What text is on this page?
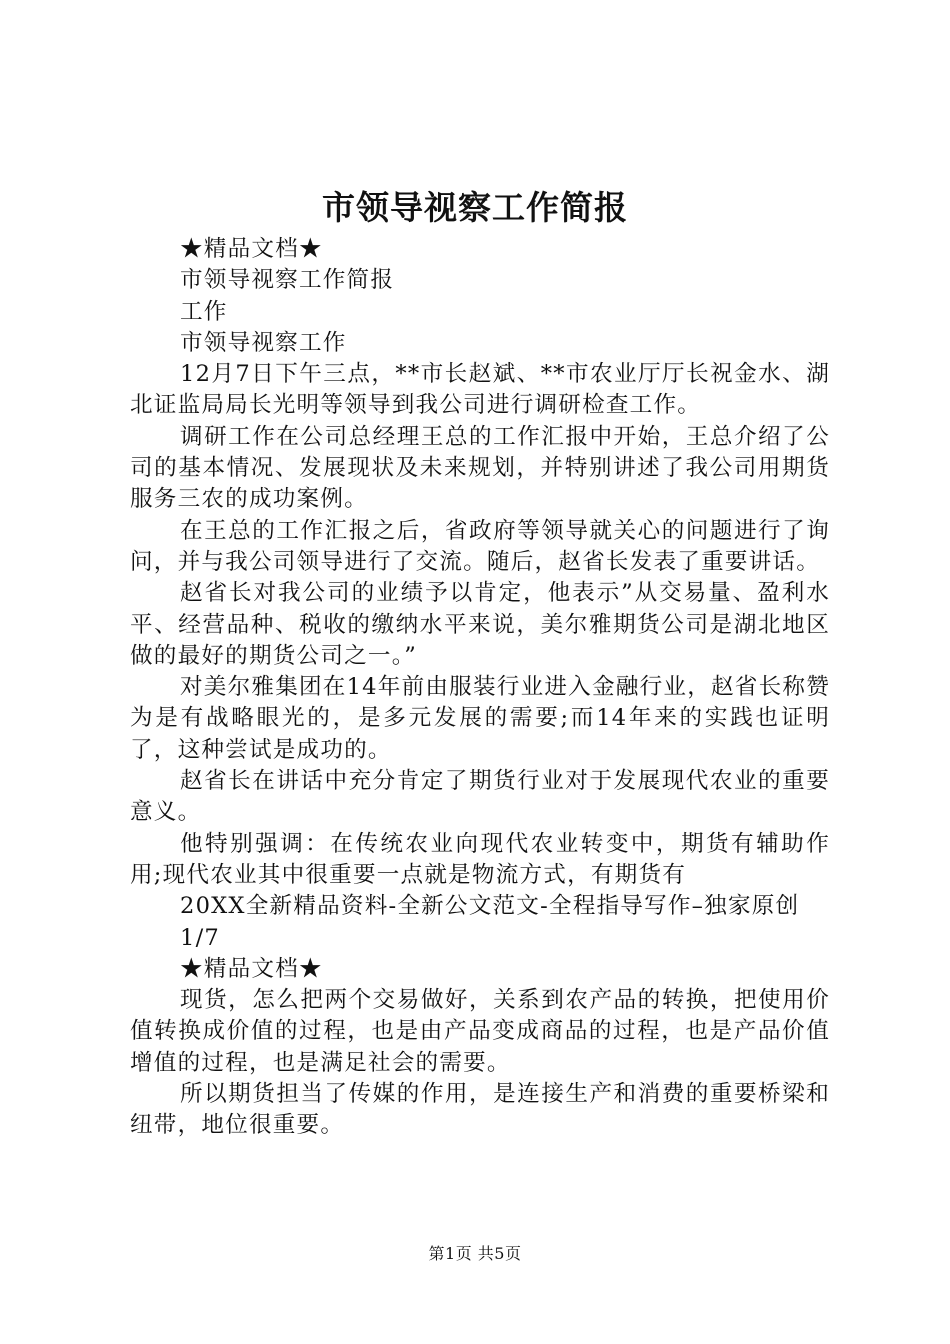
市领导视察工作简报

★精品文档★

市领导视察工作简报

工作

市领导视察工作

12月7日下午三点，**市长赵斌、**市农业厅厅长祝金水、湖北证监局局长光明等领导到我公司进行调研检查工作。

调研工作在公司总经理王总的工作汇报中开始，王总介绍了公司的基本情况、发展现状及未来规划，并特别讲述了我公司用期货服务三农的成功案例。

在王总的工作汇报之后，省政府等领导就关心的问题进行了询问，并与我公司领导进行了交流。随后，赵省长发表了重要讲话。

赵省长对我公司的业绩予以肯定，他表示”从交易量、盈利水平、经营品种、税收的缴纳水平来说，美尔雅期货公司是湖北地区做的最好的期货公司之一。”

对美尔雅集团在14年前由服装行业进入金融行业，赵省长称赞为是有战略眼光的，是多元发展的需要;而14年来的实践也证明了，这种尝试是成功的。

赵省长在讲话中充分肯定了期货行业对于发展现代农业的重要意义。

他特别强调：在传统农业向现代农业转变中，期货有辅助作用;现代农业其中很重要一点就是物流方式，有期货有

20XX全新精品资料-全新公文范文-全程指导写作–独家原创

1/7

★精品文档★

现货，怎么把两个交易做好，关系到农产品的转换，把使用价值转换成价值的过程，也是由产品变成商品的过程，也是产品价值增值的过程，也是满足社会的需要。

所以期货担当了传媒的作用，是连接生产和消费的重要桥梁和纽带，地位很重要。

第1页 共5页
